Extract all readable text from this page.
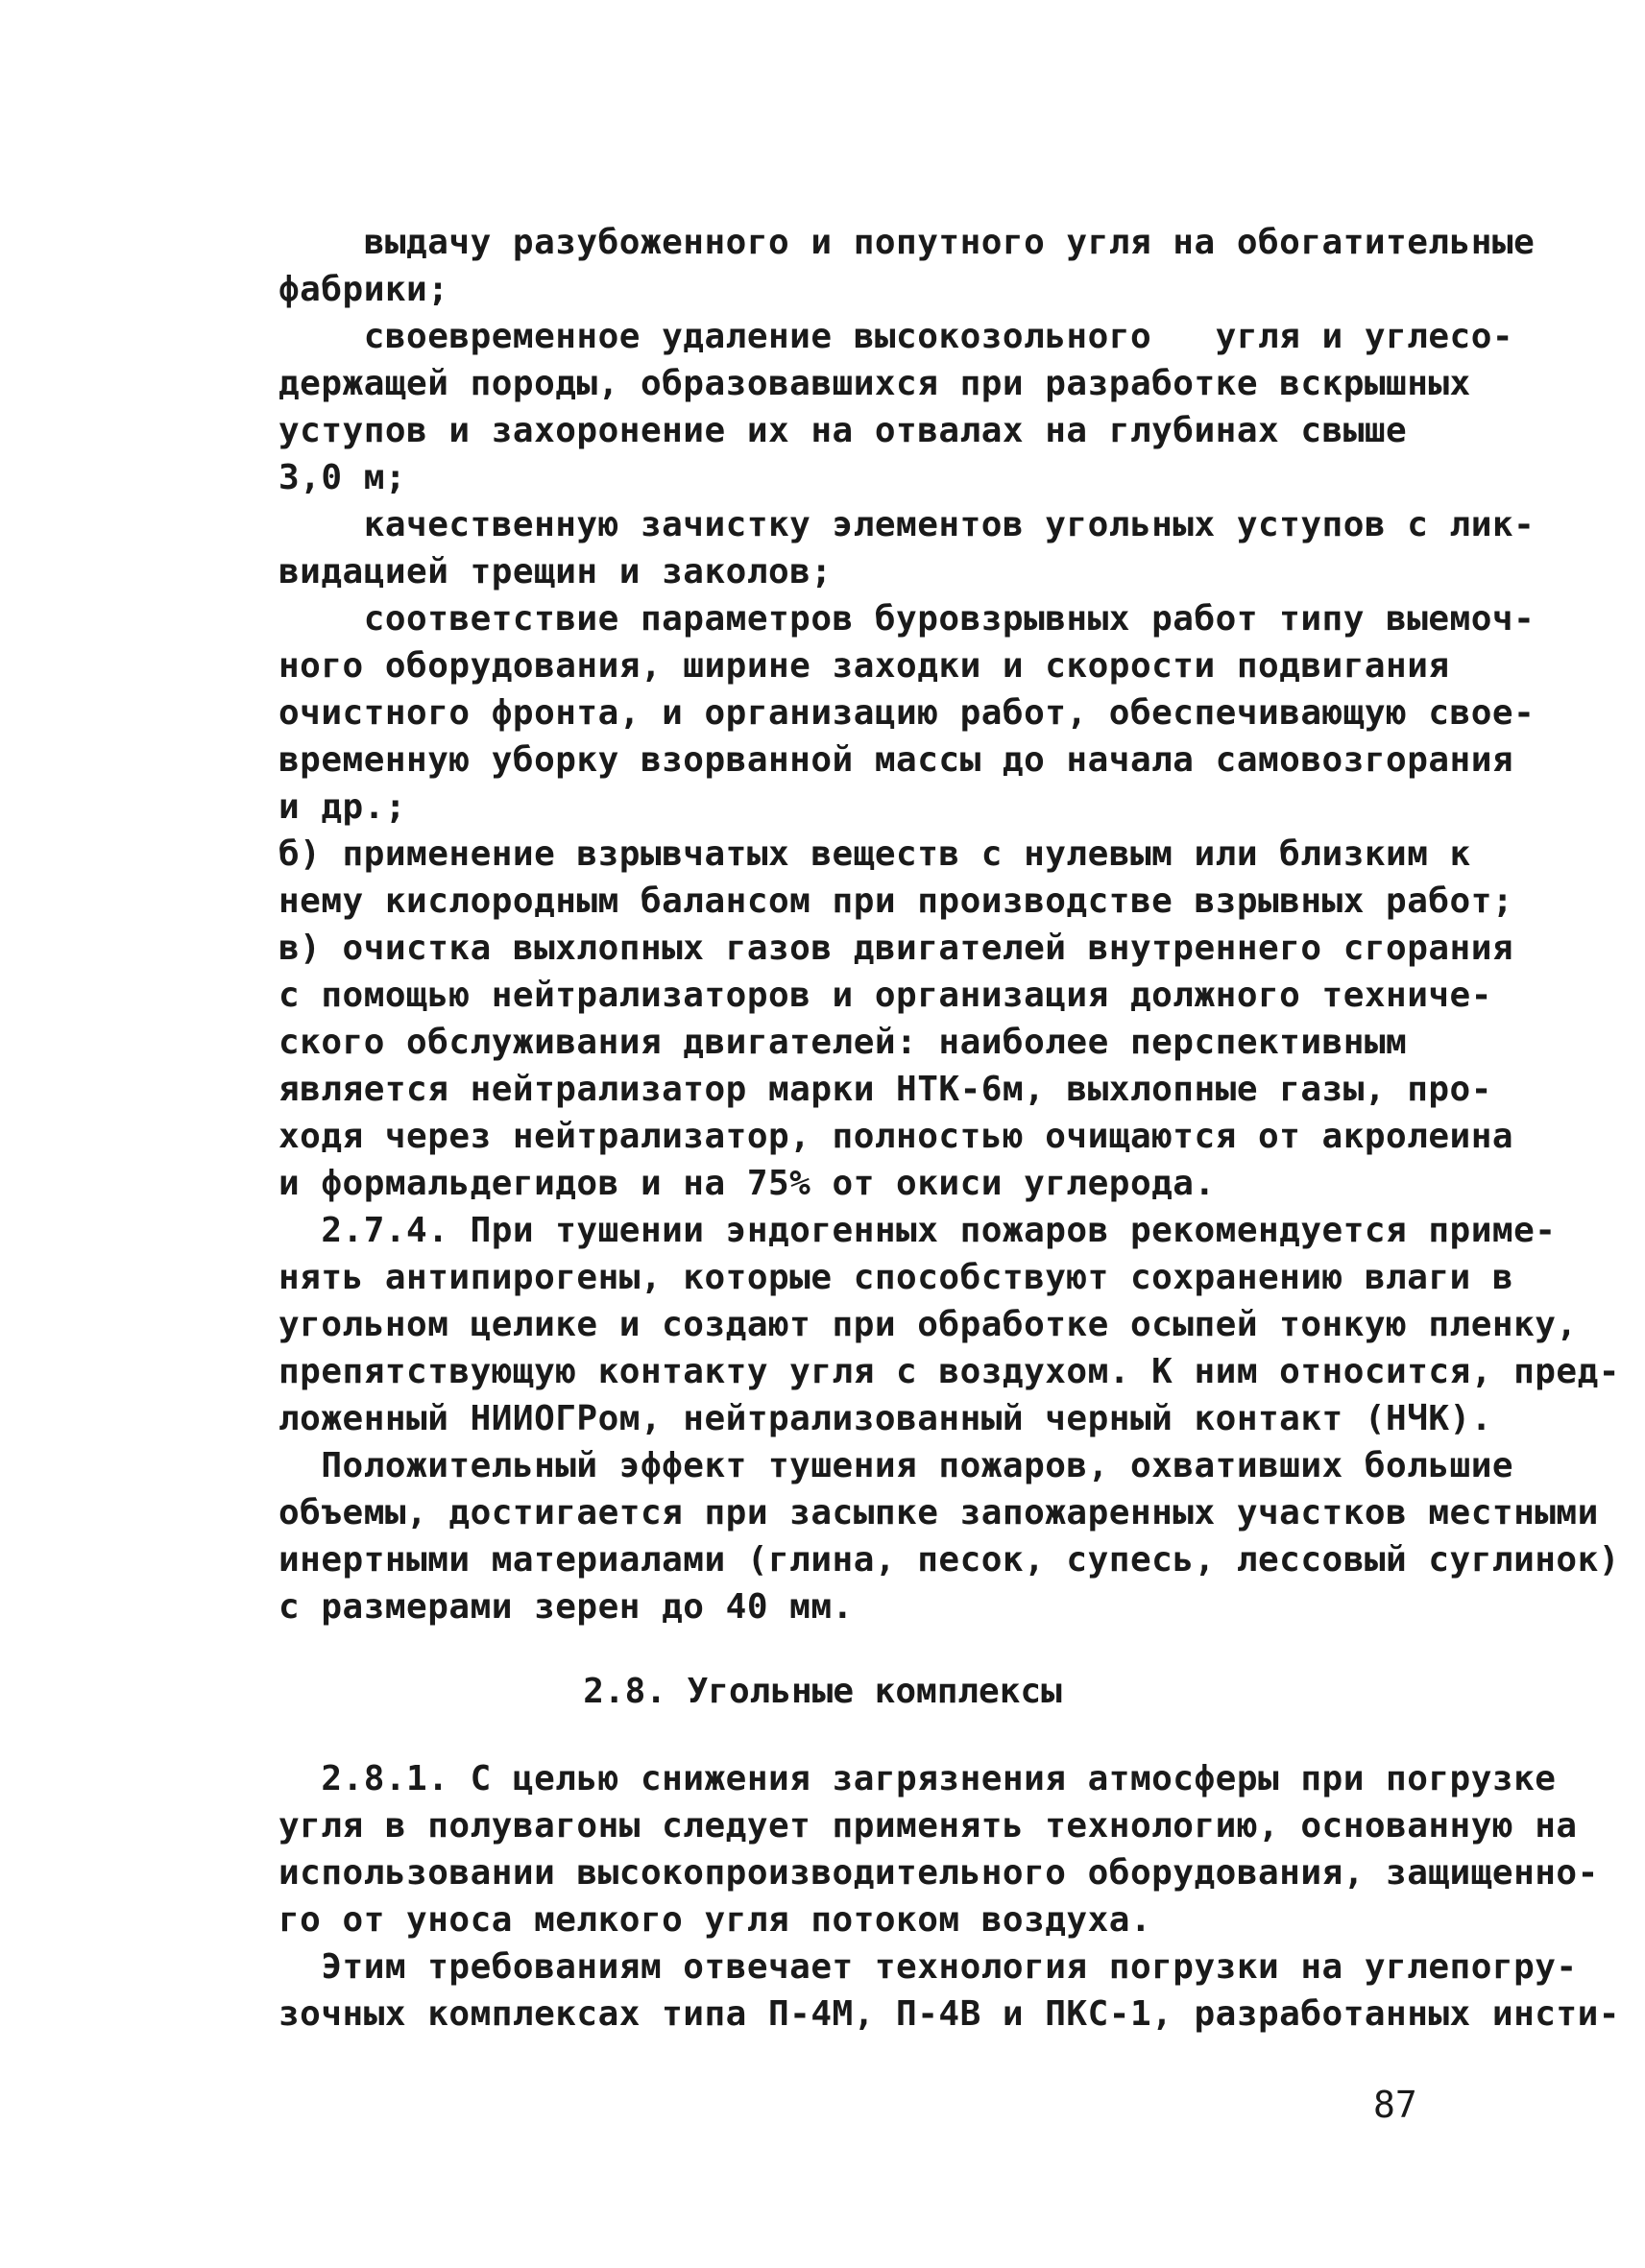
выдачу разубоженного и попутного угля на обогатительные
фабрики;
своевременное удаление высокозольного   угля и углесо-
держащей породы, образовавшихся при разработке вскрышных
уступов и захоронение их на отвалах на глубинах свыше
3,0 м;
качественную зачистку элементов угольных уступов с лик-
видацией трещин и заколов;
соответствие параметров буровзрывных работ типу выемоч-
ного оборудования, ширине заходки и скорости подвигания
очистного фронта, и организацию работ, обеспечивающую свое-
временную уборку взорванной массы до начала самовозгорания
и др.;
б) применение взрывчатых веществ с нулевым или близким к
нему кислородным балансом при производстве взрывных работ;
в) очистка выхлопных газов двигателей внутреннего сгорания
с помощью нейтрализаторов и организация должного техниче-
ского обслуживания двигателей: наиболее перспективным
является нейтрализатор марки НТК-6м, выхлопные газы, про-
ходя через нейтрализатор, полностью очищаются от акролеина
и формальдегидов и на 75% от окиси углерода.
2.7.4. При тушении эндогенных пожаров рекомендуется приме-
нять антипирогены, которые способствуют сохранению влаги в
угольном целике и создают при обработке осыпей тонкую пленку,
препятствующую контакту угля с воздухом. К ним относится, пред-
ложенный НИИОГРом, нейтрализованный черный контакт (НЧК).
Положительный эффект тушения пожаров, охвативших большие
объемы, достигается при засыпке запожаренных участков местными
инертными материалами (глина, песок, супесь, лессовый суглинок)
с размерами зерен до 40 мм.
2.8. Угольные комплексы
2.8.1. С целью снижения загрязнения атмосферы при погрузке
угля в полувагоны следует применять технологию, основанную на
использовании высокопроизводительного оборудования, защищенно-
го от уноса мелкого угля потоком воздуха.
Этим требованиям отвечает технология погрузки на углепогру-
зочных комплексах типа П-4М, П-4В и ПКС-1, разработанных инсти-
87
